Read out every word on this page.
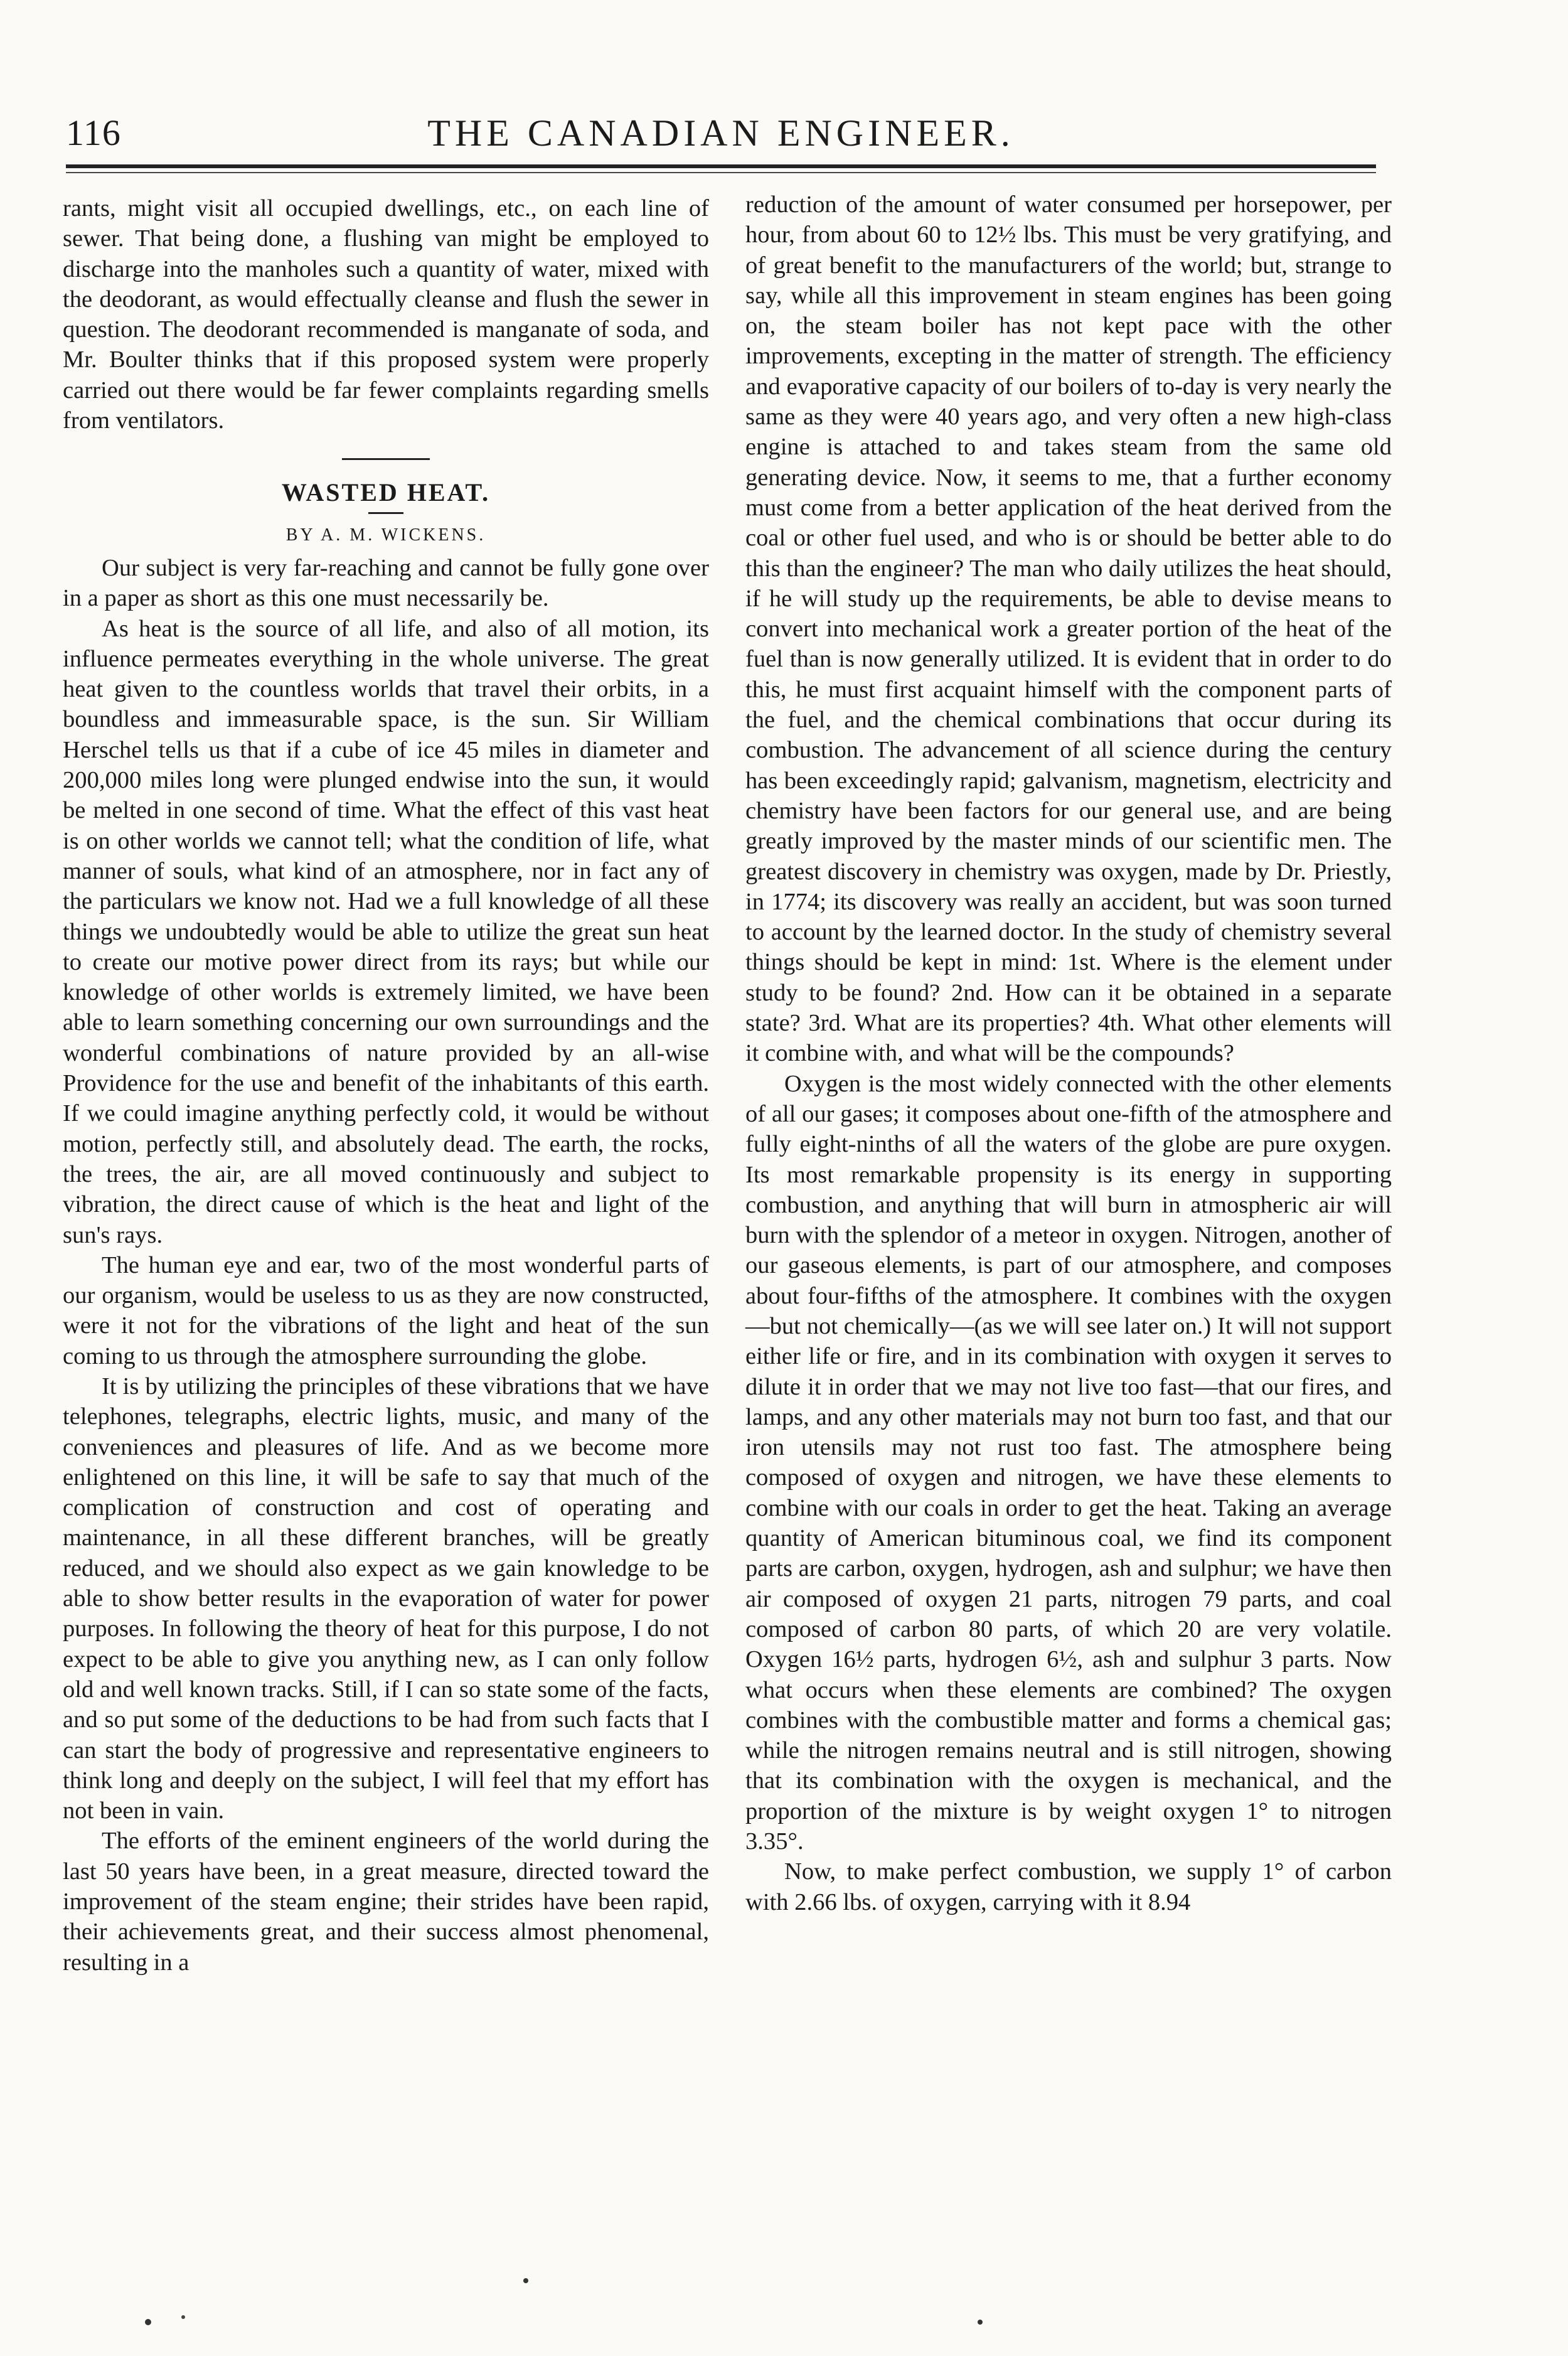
116	THE CANADIAN ENGINEER.

rants, might visit all occupied dwellings, etc., on each line of sewer. That being done, a flushing van might be employed to discharge into the manholes such a quantity of water, mixed with the deodorant, as would effectually cleanse and flush the sewer in question. The deodorant recommended is manganate of soda, and Mr. Boulter thinks that if this proposed system were properly carried out there would be far fewer complaints regarding smells from ventilators.

WASTED HEAT.
BY A. M. WICKENS.

Our subject is very far-reaching and cannot be fully gone over in a paper as short as this one must necessarily be.

As heat is the source of all life, and also of all motion, its influence permeates everything in the whole universe. The great heat given to the countless worlds that travel their orbits, in a boundless and immeasurable space, is the sun. Sir William Herschel tells us that if a cube of ice 45 miles in diameter and 200,000 miles long were plunged endwise into the sun, it would be melted in one second of time. What the effect of this vast heat is on other worlds we cannot tell; what the condition of life, what manner of souls, what kind of an atmosphere, nor in fact any of the particulars we know not. Had we a full knowledge of all these things we undoubtedly would be able to utilize the great sun heat to create our motive power direct from its rays; but while our knowledge of other worlds is extremely limited, we have been able to learn something concerning our own surroundings and the wonderful combinations of nature provided by an all-wise Providence for the use and benefit of the inhabitants of this earth. If we could imagine anything perfectly cold, it would be without motion, perfectly still, and absolutely dead. The earth, the rocks, the trees, the air, are all moved continuously and subject to vibration, the direct cause of which is the heat and light of the sun's rays.

The human eye and ear, two of the most wonderful parts of our organism, would be useless to us as they are now constructed, were it not for the vibrations of the light and heat of the sun coming to us through the atmosphere surrounding the globe.

It is by utilizing the principles of these vibrations that we have telephones, telegraphs, electric lights, music, and many of the conveniences and pleasures of life. And as we become more enlightened on this line, it will be safe to say that much of the complication of construction and cost of operating and maintenance, in all these different branches, will be greatly reduced, and we should also expect as we gain knowledge to be able to show better results in the evaporation of water for power purposes. In following the theory of heat for this purpose, I do not expect to be able to give you anything new, as I can only follow old and well known tracks. Still, if I can so state some of the facts, and so put some of the deductions to be had from such facts that I can start the body of progressive and representative engineers to think long and deeply on the subject, I will feel that my effort has not been in vain.

The efforts of the eminent engineers of the world during the last 50 years have been, in a great measure, directed toward the improvement of the steam engine; their strides have been rapid, their achievements great, and their success almost phenomenal, resulting in a

reduction of the amount of water consumed per horsepower, per hour, from about 60 to 12½ lbs. This must be very gratifying, and of great benefit to the manufacturers of the world; but, strange to say, while all this improvement in steam engines has been going on, the steam boiler has not kept pace with the other improvements, excepting in the matter of strength. The efficiency and evaporative capacity of our boilers of to-day is very nearly the same as they were 40 years ago, and very often a new high-class engine is attached to and takes steam from the same old generating device. Now, it seems to me, that a further economy must come from a better application of the heat derived from the coal or other fuel used, and who is or should be better able to do this than the engineer? The man who daily utilizes the heat should, if he will study up the requirements, be able to devise means to convert into mechanical work a greater portion of the heat of the fuel than is now generally utilized. It is evident that in order to do this, he must first acquaint himself with the component parts of the fuel, and the chemical combinations that occur during its combustion. The advancement of all science during the century has been exceedingly rapid; galvanism, magnetism, electricity and chemistry have been factors for our general use, and are being greatly improved by the master minds of our scientific men. The greatest discovery in chemistry was oxygen, made by Dr. Priestly, in 1774; its discovery was really an accident, but was soon turned to account by the learned doctor. In the study of chemistry several things should be kept in mind: 1st. Where is the element under study to be found? 2nd. How can it be obtained in a separate state? 3rd. What are its properties? 4th. What other elements will it combine with, and what will be the compounds?

Oxygen is the most widely connected with the other elements of all our gases; it composes about one-fifth of the atmosphere and fully eight-ninths of all the waters of the globe are pure oxygen. Its most remarkable propensity is its energy in supporting combustion, and anything that will burn in atmospheric air will burn with the splendor of a meteor in oxygen. Nitrogen, another of our gaseous elements, is part of our atmosphere, and composes about four-fifths of the atmosphere. It combines with the oxygen—but not chemically—(as we will see later on.) It will not support either life or fire, and in its combination with oxygen it serves to dilute it in order that we may not live too fast—that our fires, and lamps, and any other materials may not burn too fast, and that our iron utensils may not rust too fast. The atmosphere being composed of oxygen and nitrogen, we have these elements to combine with our coals in order to get the heat. Taking an average quantity of American bituminous coal, we find its component parts are carbon, oxygen, hydrogen, ash and sulphur; we have then air composed of oxygen 21 parts, nitrogen 79 parts, and coal composed of carbon 80 parts, of which 20 are very volatile. Oxygen 16½ parts, hydrogen 6½, ash and sulphur 3 parts. Now what occurs when these elements are combined? The oxygen combines with the combustible matter and forms a chemical gas; while the nitrogen remains neutral and is still nitrogen, showing that its combination with the oxygen is mechanical, and the proportion of the mixture is by weight oxygen 1° to nitrogen 3.35°.

Now, to make perfect combustion, we supply 1° of carbon with 2.66 lbs. of oxygen, carrying with it 8.94
